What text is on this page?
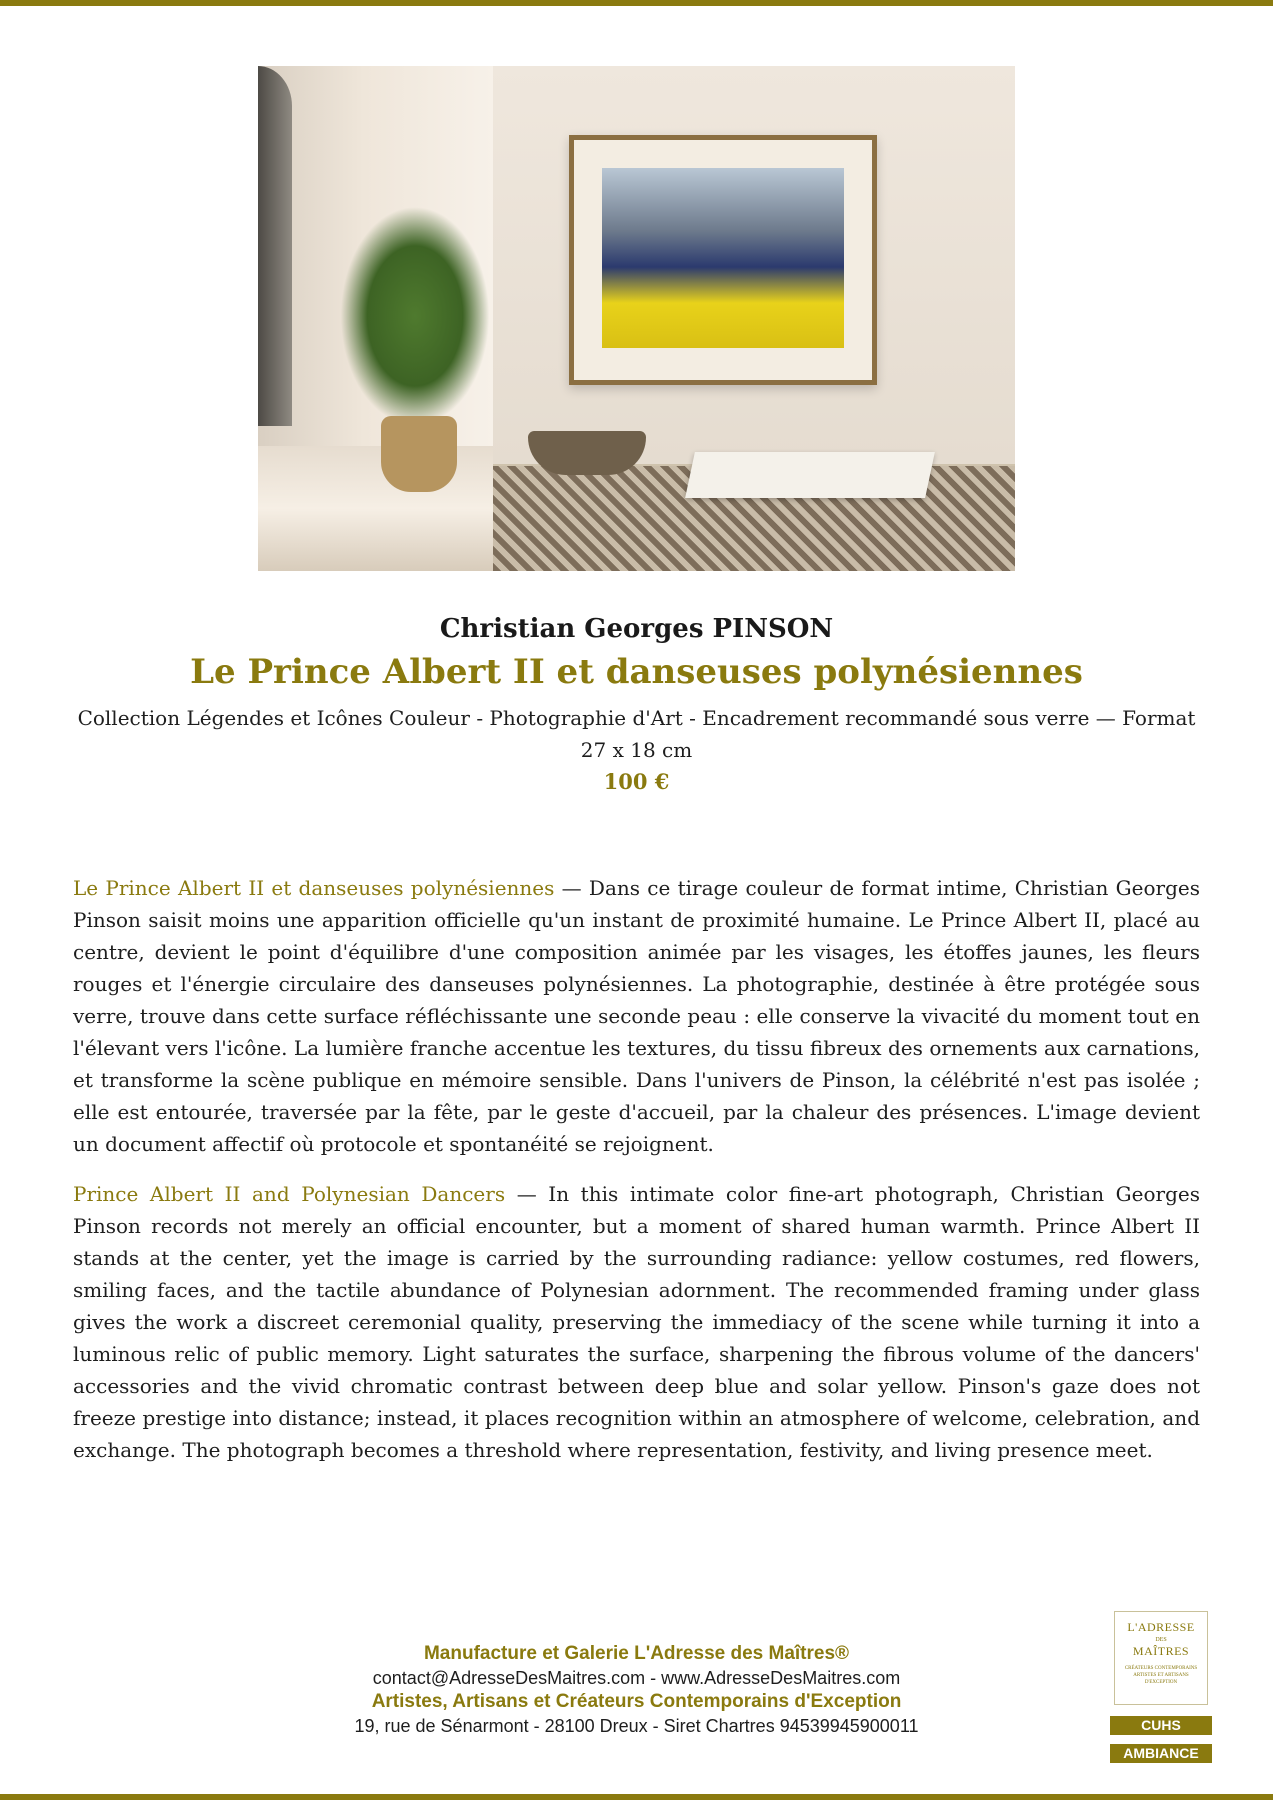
Christian Georges PINSON
Le Prince Albert II et danseuses polynésiennes
Collection Légendes et Icônes Couleur - Photographie d'Art - Encadrement recommandé sous verre — Format 27 x 18 cm
100 €

Le Prince Albert II et danseuses polynésiennes — Dans ce tirage couleur de format intime, Christian Georges Pinson saisit moins une apparition officielle qu'un instant de proximité humaine. Le Prince Albert II, placé au centre, devient le point d'équilibre d'une composition animée par les visages, les étoffes jaunes, les fleurs rouges et l'énergie circulaire des danseuses polynésiennes. La photographie, destinée à être protégée sous verre, trouve dans cette surface réfléchissante une seconde peau : elle conserve la vivacité du moment tout en l'élevant vers l'icône. La lumière franche accentue les textures, du tissu fibreux des ornements aux carnations, et transforme la scène publique en mémoire sensible. Dans l'univers de Pinson, la célébrité n'est pas isolée ; elle est entourée, traversée par la fête, par le geste d'accueil, par la chaleur des présences. L'image devient un document affectif où protocole et spontanéité se rejoignent.

Prince Albert II and Polynesian Dancers — In this intimate color fine-art photograph, Christian Georges Pinson records not merely an official encounter, but a moment of shared human warmth. Prince Albert II stands at the center, yet the image is carried by the surrounding radiance: yellow costumes, red flowers, smiling faces, and the tactile abundance of Polynesian adornment. The recommended framing under glass gives the work a discreet ceremonial quality, preserving the immediacy of the scene while turning it into a luminous relic of public memory. Light saturates the surface, sharpening the fibrous volume of the dancers' accessories and the vivid chromatic contrast between deep blue and solar yellow. Pinson's gaze does not freeze prestige into distance; instead, it places recognition within an atmosphere of welcome, celebration, and exchange. The photograph becomes a threshold where representation, festivity, and living presence meet.

Manufacture et Galerie L'Adresse des Maîtres®
contact@AdresseDesMaitres.com - www.AdresseDesMaitres.com
Artistes, Artisans et Créateurs Contemporains d'Exception
19, rue de Sénarmont - 28100 Dreux - Siret Chartres 94539945900011
L'ADRESSE
DES
MAÎTRES
CRÉATEURS CONTEMPORAINS ARTISTES ET ARTISANS D'EXCEPTION
CUHS
AMBIANCE
